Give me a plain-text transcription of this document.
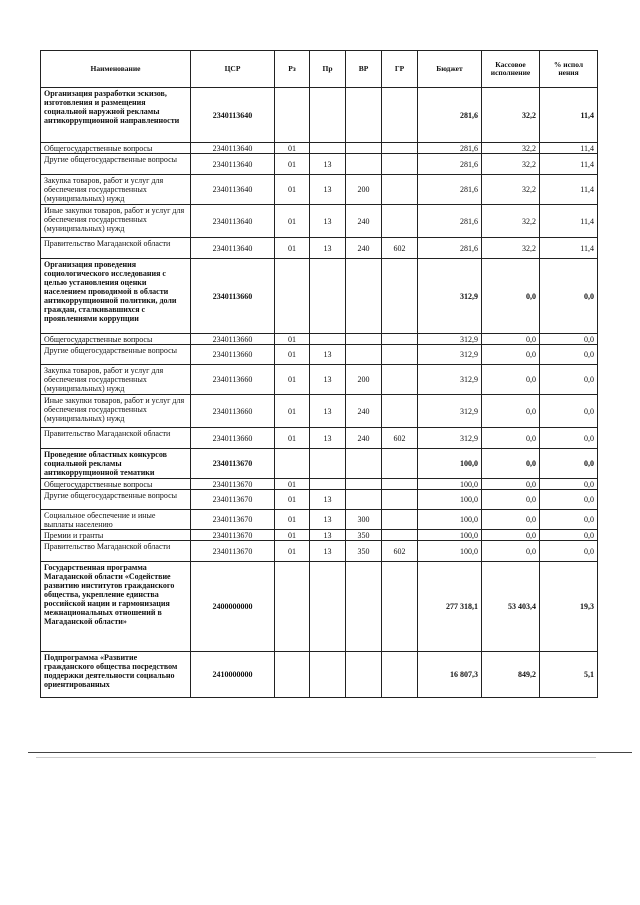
Наименование	ЦСР	Рз	Пр	ВР	ГР	Бюджет	Кассовое исполнение	% испол нения
Организация разработки эскизов, изготовления и размещения социальной наружной рекламы антикоррупционной направленности	2340113640					281,6	32,2	11,4
Общегосударственные вопросы	2340113640	01				281,6	32,2	11,4
Другие общегосударственные вопросы	2340113640	01	13			281,6	32,2	11,4
Закупка товаров, работ и услуг для обеспечения государственных (муниципальных) нужд	2340113640	01	13	200		281,6	32,2	11,4
Иные закупки товаров, работ и услуг для обеспечения государственных (муниципальных) нужд	2340113640	01	13	240		281,6	32,2	11,4
Правительство Магаданской области	2340113640	01	13	240	602	281,6	32,2	11,4
Организация проведения социологического исследования с целью установления оценки населением проводимой в области антикоррупционной политики, доли граждан, сталкивавшихся с проявлениями коррупции	2340113660					312,9	0,0	0,0
Общегосударственные вопросы	2340113660	01				312,9	0,0	0,0
Другие общегосударственные вопросы	2340113660	01	13			312,9	0,0	0,0
Закупка товаров, работ и услуг для обеспечения государственных (муниципальных) нужд	2340113660	01	13	200		312,9	0,0	0,0
Иные закупки товаров, работ и услуг для обеспечения государственных (муниципальных) нужд	2340113660	01	13	240		312,9	0,0	0,0
Правительство Магаданской области	2340113660	01	13	240	602	312,9	0,0	0,0
Проведение областных конкурсов социальной рекламы антикоррупционной тематики	2340113670					100,0	0,0	0,0
Общегосударственные вопросы	2340113670	01				100,0	0,0	0,0
Другие общегосударственные вопросы	2340113670	01	13			100,0	0,0	0,0
Социальное обеспечение и иные выплаты населению	2340113670	01	13	300		100,0	0,0	0,0
Премии и гранты	2340113670	01	13	350		100,0	0,0	0,0
Правительство Магаданской области	2340113670	01	13	350	602	100,0	0,0	0,0
Государственная программа Магаданской области «Содействие развитию институтов гражданского общества, укрепление единства российской нации и гармонизация межнациональных отношений в Магаданской области»	2400000000					277 318,1	53 403,4	19,3
Подпрограмма «Развитие гражданского общества посредством поддержки деятельности социально ориентированных	2410000000					16 807,3	849,2	5,1
